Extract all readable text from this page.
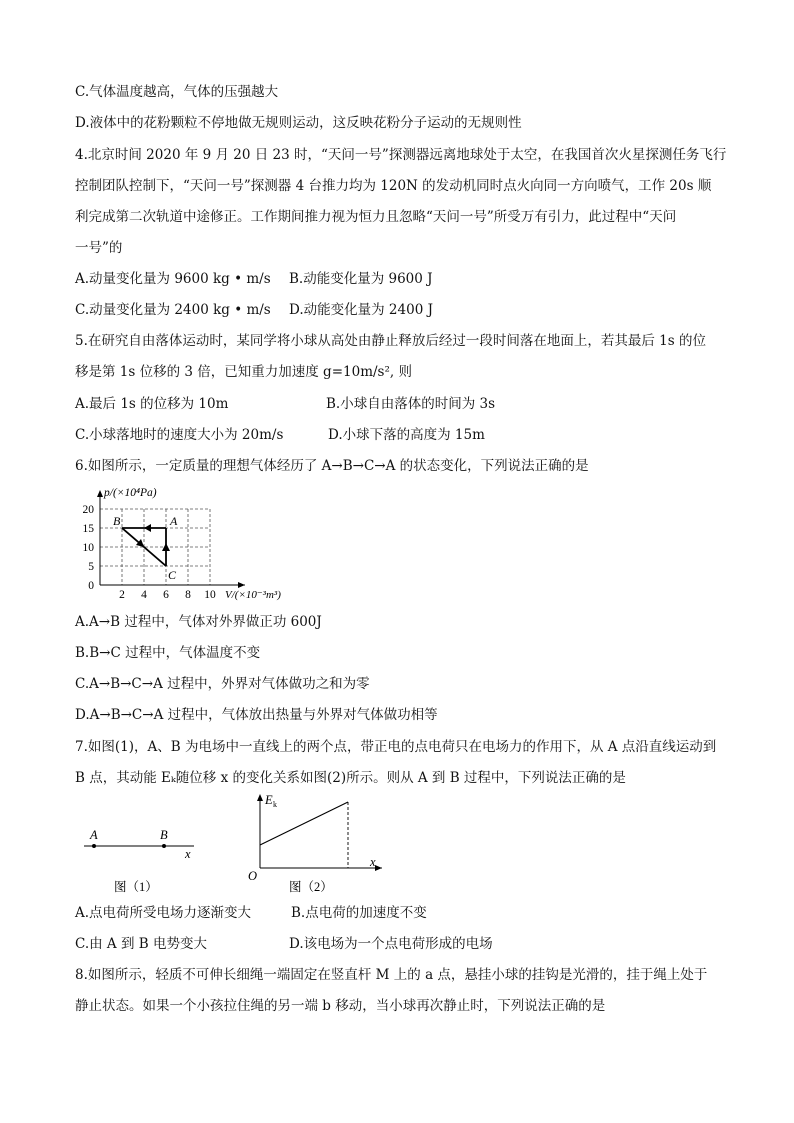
C.气体温度越高，气体的压强越大
D.液体中的花粉颗粒不停地做无规则运动，这反映花粉分子运动的无规则性
4.北京时间 2020 年 9 月 20 日 23 时，“天问一号”探测器远离地球处于太空，在我国首次火星探测任务飞行
控制团队控制下，“天问一号”探测器 4 台推力均为 120N 的发动机同时点火向同一方向喷气，工作 20s 顺
利完成第二次轨道中途修正。工作期间推力视为恒力且忽略“天问一号”所受万有引力，此过程中“天问
一号”的
A.动量变化量为 9600 kg • m/s B.动能变化量为 9600 J
C.动量变化量为 2400 kg • m/s D.动能变化量为 2400 J
5.在研究自由落体运动时，某同学将小球从高处由静止释放后经过一段时间落在地面上，若其最后 1s 的位
移是第 1s 位移的 3 倍，已知重力加速度 g=10m/s², 则
A.最后 1s 的位移为 10m	B.小球自由落体的时间为 3s
C.小球落地时的速度大小为 20m/s	D.小球下落的高度为 15m
6.如图所示，一定质量的理想气体经历了 A→B→C→A 的状态变化，下列说法正确的是
p/(×10⁴Pa)
V/(×10⁻³m³)
0
5
10
15
20
2 4 6 8 10
B	A
C
A.A→B 过程中，气体对外界做正功 600J
B.B→C 过程中，气体温度不变
C.A→B→C→A 过程中，外界对气体做功之和为零
D.A→B→C→A 过程中，气体放出热量与外界对气体做功相等
7.如图(1)，A、B 为电场中一直线上的两个点，带正电的点电荷只在电场力的作用下，从 A 点沿直线运动到
B 点，其动能 Eₖ随位移 x 的变化关系如图(2)所示。则从 A 到 B 过程中，下列说法正确的是
A	B
x
图（1）
E k
O
x
图（2）
A.点电荷所受电场力逐渐变大	B.点电荷的加速度不变
C.由 A 到 B 电势变大	D.该电场为一个点电荷形成的电场
8.如图所示，轻质不可伸长细绳一端固定在竖直杆 M 上的 a 点，悬挂小球的挂钩是光滑的，挂于绳上处于
静止状态。如果一个小孩拉住绳的另一端 b 移动，当小球再次静止时，下列说法正确的是
